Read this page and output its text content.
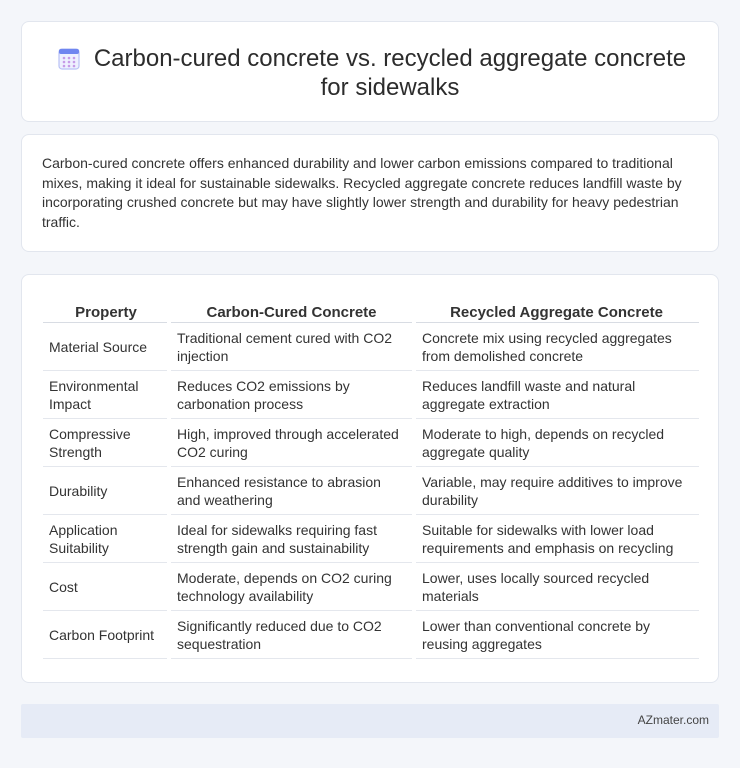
Carbon-cured concrete vs. recycled aggregate concrete for sidewalks

Carbon-cured concrete offers enhanced durability and lower carbon emissions compared to traditional mixes, making it ideal for sustainable sidewalks. Recycled aggregate concrete reduces landfill waste by incorporating crushed concrete but may have slightly lower strength and durability for heavy pedestrian traffic.

Property	Carbon-Cured Concrete	Recycled Aggregate Concrete
Material Source	Traditional cement cured with CO2 injection	Concrete mix using recycled aggregates from demolished concrete
Environmental Impact	Reduces CO2 emissions by carbonation process	Reduces landfill waste and natural aggregate extraction
Compressive Strength	High, improved through accelerated CO2 curing	Moderate to high, depends on recycled aggregate quality
Durability	Enhanced resistance to abrasion and weathering	Variable, may require additives to improve durability
Application Suitability	Ideal for sidewalks requiring fast strength gain and sustainability	Suitable for sidewalks with lower load requirements and emphasis on recycling
Cost	Moderate, depends on CO2 curing technology availability	Lower, uses locally sourced recycled materials
Carbon Footprint	Significantly reduced due to CO2 sequestration	Lower than conventional concrete by reusing aggregates
AZmater.com
